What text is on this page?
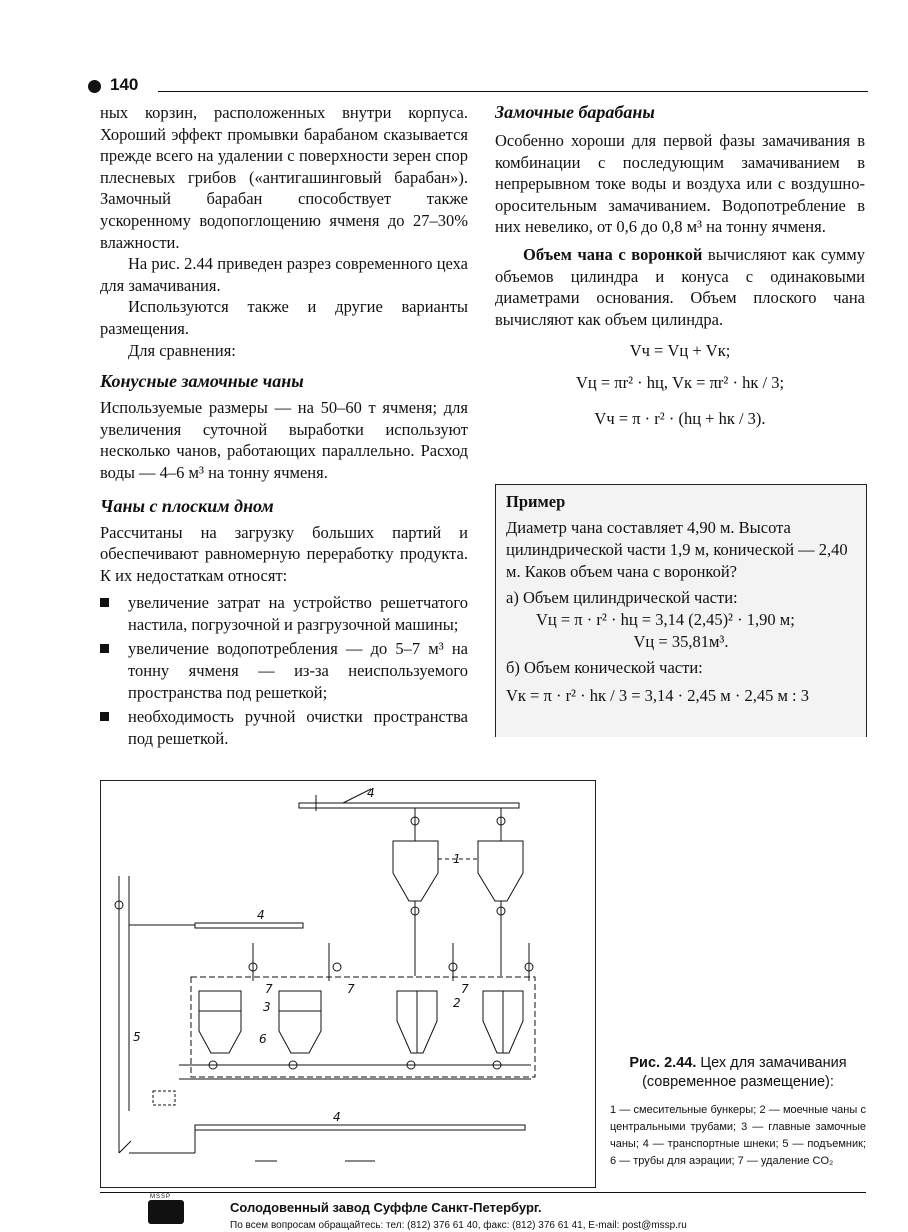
140

ных корзин, расположенных внутри корпуса. Хороший эффект промывки барабаном сказывается прежде всего на удалении с поверхности зерен спор плесневых грибов («антигашинговый барабан»). Замочный барабан способствует также ускоренному водопоглощению ячменя до 27–30% влажности.

На рис. 2.44 приведен разрез современного цеха для замачивания.

Используются также и другие варианты размещения.

Для сравнения:

Конусные замочные чаны

Используемые размеры — на 50–60 т ячменя; для увеличения суточной выработки используют несколько чанов, работающих параллельно. Расход воды — 4–6 м³ на тонну ячменя.

Чаны с плоским дном

Рассчитаны на загрузку больших партий и обеспечивают равномерную переработку продукта. К их недостаткам относят:

увеличение затрат на устройство решетчатого настила, погрузочной и разгрузочной машины;
увеличение водопотребления — до 5–7 м³ на тонну ячменя — из-за неиспользуемого пространства под решеткой;
необходимость ручной очистки пространства под решеткой.
Замочные барабаны

Особенно хороши для первой фазы замачивания в комбинации с последующим замачиванием в непрерывном токе воды и воздуха или с воздушно-оросительным замачиванием. Водопотребление в них невелико, от 0,6 до 0,8 м³ на тонну ячменя.

Объем чана с воронкой вычисляют как сумму объемов цилиндра и конуса с одинаковыми диаметрами основания. Объем плоского чана вычисляют как объем цилиндра.

Vч = Vц + Vк;
Vц = πr² · hц, Vк = πr² · hк / 3;
Vч = π · r² · (hц + hк / 3).
Пример
Диаметр чана составляет 4,90 м. Высота цилиндрической части 1,9 м, конической — 2,40 м. Каков объем чана с воронкой?
а) Объем цилиндрической части:
Vц = π · r² · hц = 3,14 (2,45)² · 1,90 м;
Vц = 35,81м³.
б) Объем конической части:
Vк = π · r² · hк / 3 = 3,14 · 2,45 м · 2,45 м : 3
4
1
5
4
3
7	7
6
2
7
4
Рис. 2.44. Цех для замачивания (современное размещение):
1 — смесительные бункеры; 2 — моечные чаны с центральными трубами; 3 — главные замочные чаны; 4 — транспортные шнеки; 5 — подъемник; 6 — трубы для аэрации; 7 — удаление CO₂
MSSP
Солодовенный завод Суффле Санкт-Петербург.
По всем вопросам обращайтесь: тел: (812) 376 61 40, факс: (812) 376 61 41, E-mail: post@mssp.ru
